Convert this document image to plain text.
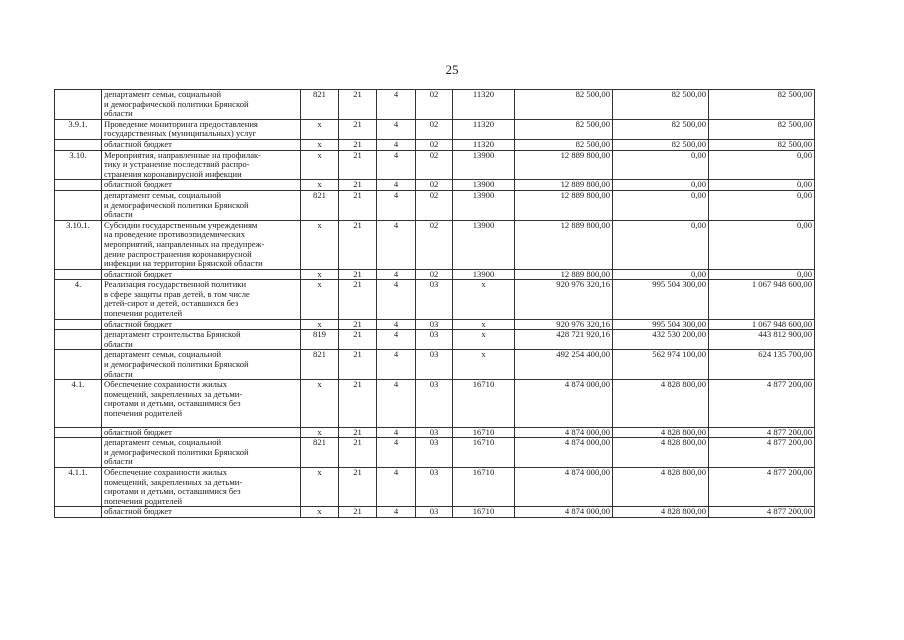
25

	департамент семьи, социальной
и демографической политики Брянской
области	821	21	4	02	11320	82 500,00	82 500,00	82 500,00
3.9.1.	Проведение мониторинга предоставления
государственных (муниципальных) услуг	х	21	4	02	11320	82 500,00	82 500,00	82 500,00

	областной бюджет	х	21	4	02	11320	82 500,00	82 500,00	82 500,00
3.10.	Мероприятия, направленные на профилак-
тику и устранение последствий распро-
странения коронавирусной инфекции	х	21	4	02	13900	12 889 800,00	0,00	0,00

	областной бюджет	х	21	4	02	13900	12 889 800,00	0,00	0,00

	департамент семьи, социальной
и демографической политики Брянской
области	821	21	4	02	13900	12 889 800,00	0,00	0,00
3.10.1.	Субсидии государственным учреждениям
на проведение противоэпидемических
мероприятий, направленных на предупреж-
дение распространения коронавирусной
инфекции на территории Брянской области	х	21	4	02	13900	12 889 800,00	0,00	0,00

	областной бюджет	х	21	4	02	13900	12 889 800,00	0,00	0,00
4.	Реализация государственной политики
в сфере защиты прав детей, в том числе
детей-сирот и детей, оставшихся без
попечения родителей	х	21	4	03	х	920 976 320,16	995 504 300,00	1 067 948 600,00

	областной бюджет	х	21	4	03	х	920 976 320,16	995 504 300,00	1 067 948 600,00

	департамент строительства Брянской
области	819	21	4	03	х	428 721 920,16	432 530 200,00	443 812 900,00

	департамент семьи, социальной
и демографической политики Брянской
области	821	21	4	03	х	492 254 400,00	562 974 100,00	624 135 700,00
4.1.	Обеспечение сохранности жилых
помещений, закрепленных за детьми-
сиротами и детьми, оставшимися без
попечения родителей	х	21	4	03	16710	4 874 000,00	4 828 800,00	4 877 200,00

	областной бюджет	х	21	4	03	16710	4 874 000,00	4 828 800,00	4 877 200,00

	департамент семьи, социальной
и демографической политики Брянской
области	821	21	4	03	16710	4 874 000,00	4 828 800,00	4 877 200,00
4.1.1.	Обеспечение сохранности жилых
помещений, закрепленных за детьми-
сиротами и детьми, оставшимися без
попечения родителей	х	21	4	03	16710	4 874 000,00	4 828 800,00	4 877 200,00

	областной бюджет	х	21	4	03	16710	4 874 000,00	4 828 800,00	4 877 200,00
